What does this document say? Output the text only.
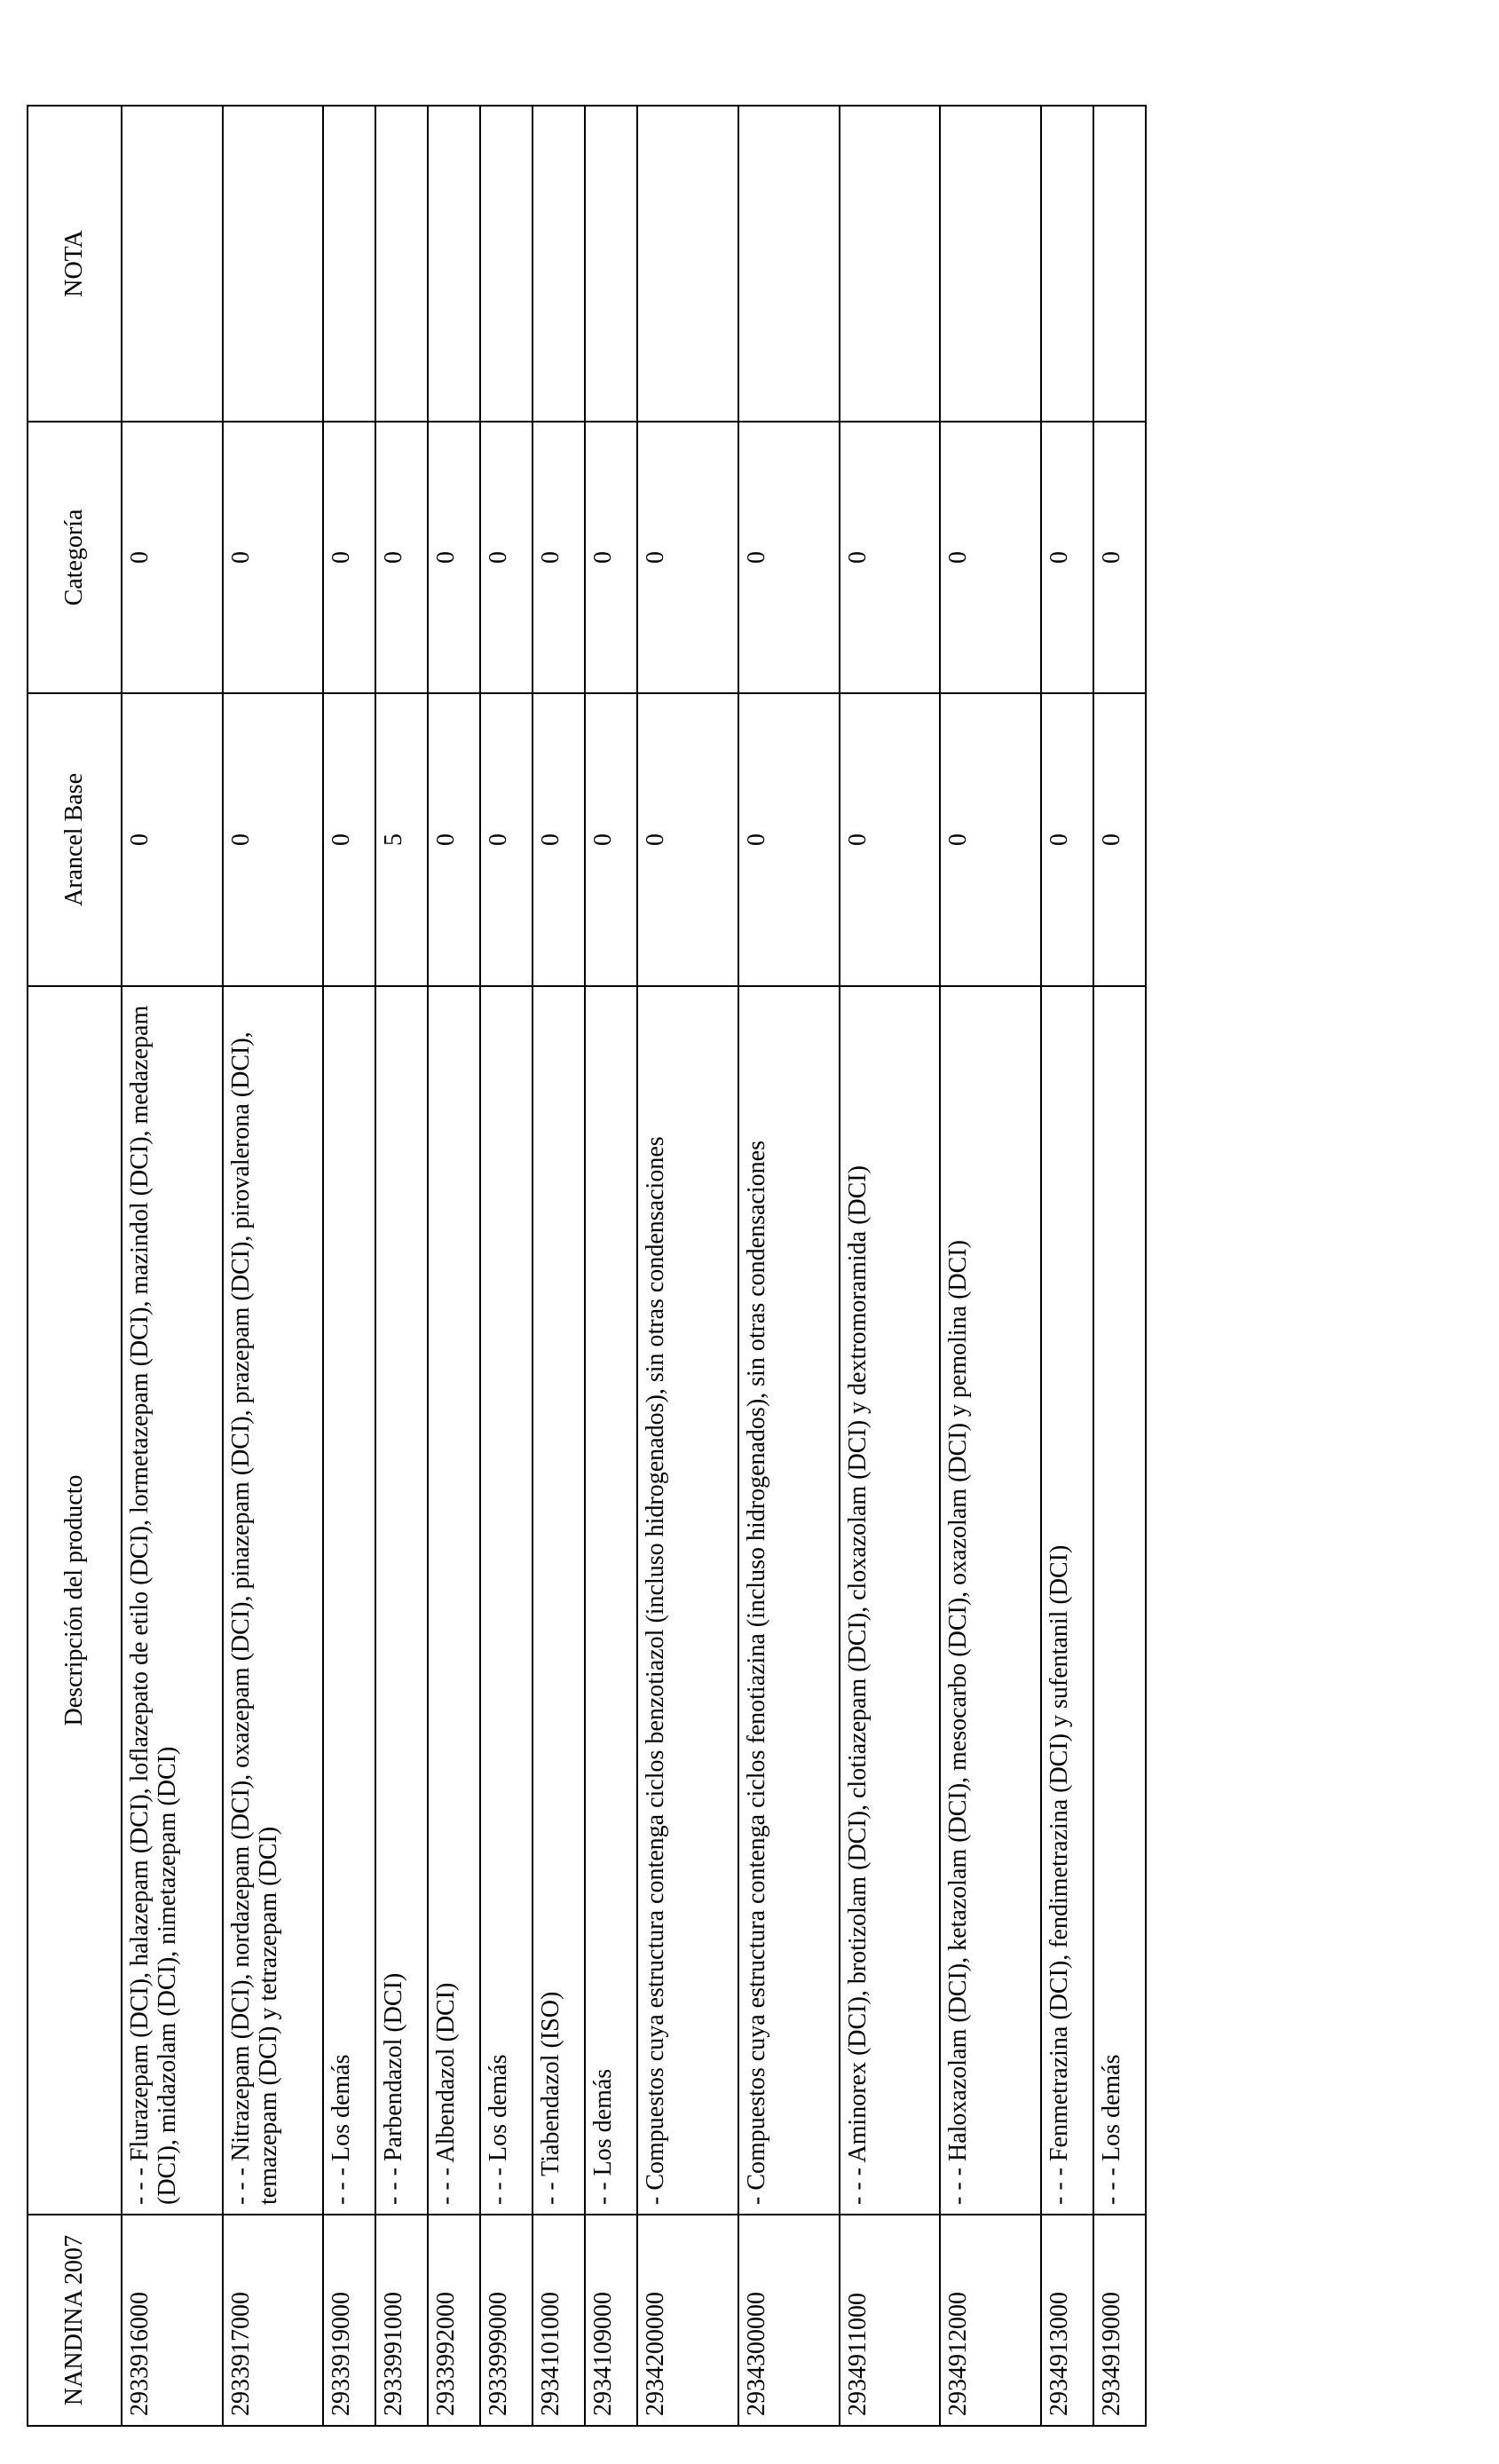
NANDINA 2007	Descripción del producto	Arancel Base	Categoría	NOTA
2933916000	- - - Flurazepam (DCI), halazepam (DCI), loflazepato de etilo (DCI), lormetazepam (DCI), mazindol (DCI), medazepam (DCI), midazolam (DCI), nimetazepam (DCI)	0	0	
2933917000	- - - Nitrazepam (DCI), nordazepam (DCI), oxazepam (DCI), pinazepam (DCI), prazepam (DCI), pirovalerona (DCI), temazepam (DCI) y tetrazepam (DCI)	0	0	
2933919000	- - - Los demás	0	0	
2933991000	- - - Parbendazol (DCI)	5	0	
2933992000	- - - Albendazol (DCI)	0	0	
2933999000	- - - Los demás	0	0	
2934101000	- - Tiabendazol (ISO)	0	0	
2934109000	- - Los demás	0	0	
2934200000	- Compuestos cuya estructura contenga ciclos benzotiazol (incluso hidrogenados), sin otras condensaciones	0	0	
2934300000	- Compuestos cuya estructura contenga ciclos fenotiazina (incluso hidrogenados), sin otras condensaciones	0	0	
2934911000	- - - Aminorex (DCI), brotizolam (DCI), clotiazepam (DCI), cloxazolam (DCI) y dextromoramida (DCI)	0	0	
2934912000	- - - Haloxazolam (DCI), ketazolam (DCI), mesocarbo (DCI), oxazolam (DCI) y pemolina (DCI)	0	0	
2934913000	- - - Fenmetrazina (DCI), fendimetrazina (DCI) y sufentanil (DCI)	0	0	
2934919000	- - - Los demás	0	0	
